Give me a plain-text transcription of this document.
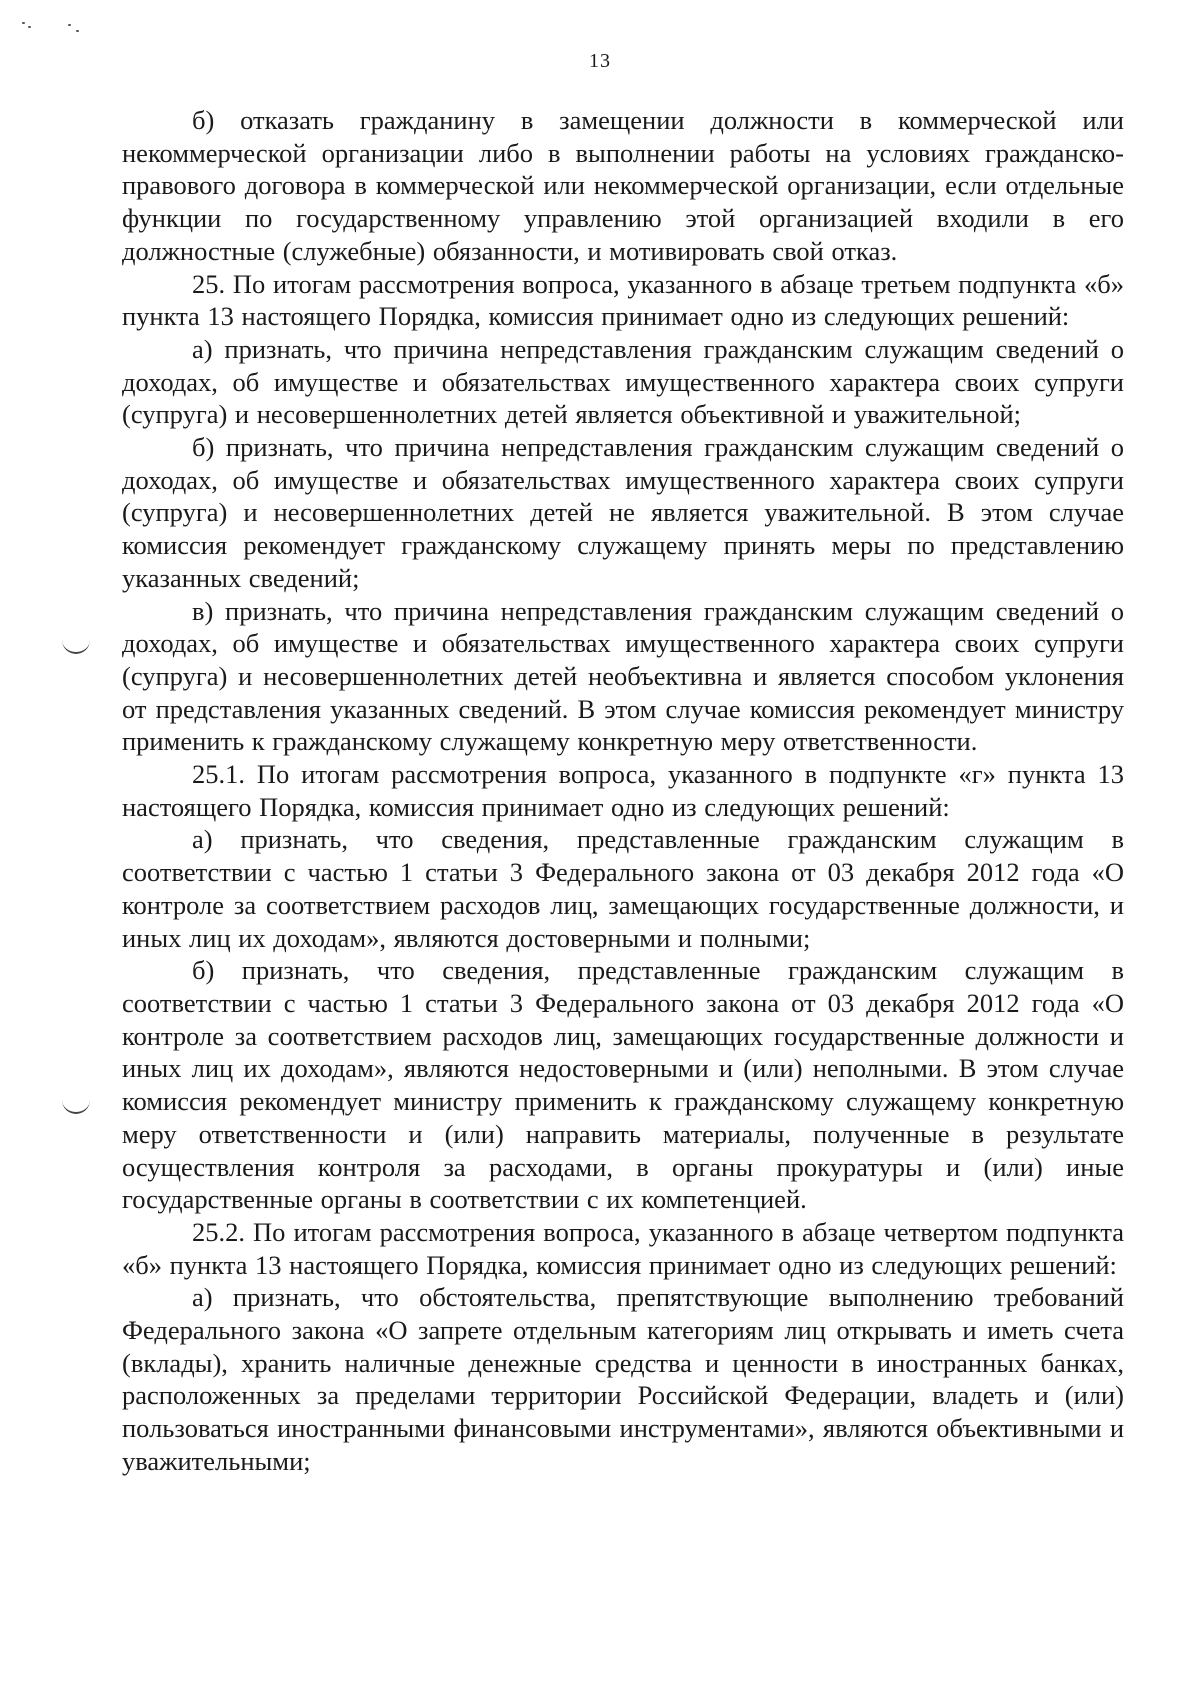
13

б) отказать гражданину в замещении должности в коммерческой или некоммерческой организации либо в выполнении работы на условиях гражданско-правового договора в коммерческой или некоммерческой организации, если отдельные функции по государственному управлению этой организацией входили в его должностные (служебные) обязанности, и мотивировать свой отказ.

25. По итогам рассмотрения вопроса, указанного в абзаце третьем подпункта «б» пункта 13 настоящего Порядка, комиссия принимает одно из следующих решений:

а) признать, что причина непредставления гражданским служащим сведений о доходах, об имуществе и обязательствах имущественного характера своих супруги (супруга) и несовершеннолетних детей является объективной и уважительной;

б) признать, что причина непредставления гражданским служащим сведений о доходах, об имуществе и обязательствах имущественного характера своих супруги (супруга) и несовершеннолетних детей не является уважительной. В этом случае комиссия рекомендует гражданскому служащему принять меры по представлению указанных сведений;

в) признать, что причина непредставления гражданским служащим сведений о доходах, об имуществе и обязательствах имущественного характера своих супруги (супруга) и несовершеннолетних детей необъективна и является способом уклонения от представления указанных сведений. В этом случае комиссия рекомендует министру применить к гражданскому служащему конкретную меру ответственности.

25.1. По итогам рассмотрения вопроса, указанного в подпункте «г» пункта 13 настоящего Порядка, комиссия принимает одно из следующих решений:

а) признать, что сведения, представленные гражданским служащим в соответствии с частью 1 статьи 3 Федерального закона от 03 декабря 2012 года «О контроле за соответствием расходов лиц, замещающих государственные должности, и иных лиц их доходам», являются достоверными и полными;

б) признать, что сведения, представленные гражданским служащим в соответствии с частью 1 статьи 3 Федерального закона от 03 декабря 2012 года «О контроле за соответствием расходов лиц, замещающих государственные должности и иных лиц их доходам», являются недостоверными и (или) неполными. В этом случае комиссия рекомендует министру применить к гражданскому служащему конкретную меру ответственности и (или) направить материалы, полученные в результате осуществления контроля за расходами, в органы прокуратуры и (или) иные государственные органы в соответствии с их компетенцией.

25.2. По итогам рассмотрения вопроса, указанного в абзаце четвертом подпункта «б» пункта 13 настоящего Порядка, комиссия принимает одно из следующих решений:

а) признать, что обстоятельства, препятствующие выполнению требований Федерального закона «О запрете отдельным категориям лиц открывать и иметь счета (вклады), хранить наличные денежные средства и ценности в иностранных банках, расположенных за пределами территории Российской Федерации, владеть и (или) пользоваться иностранными финансовыми инструментами», являются объективными и уважительными;
